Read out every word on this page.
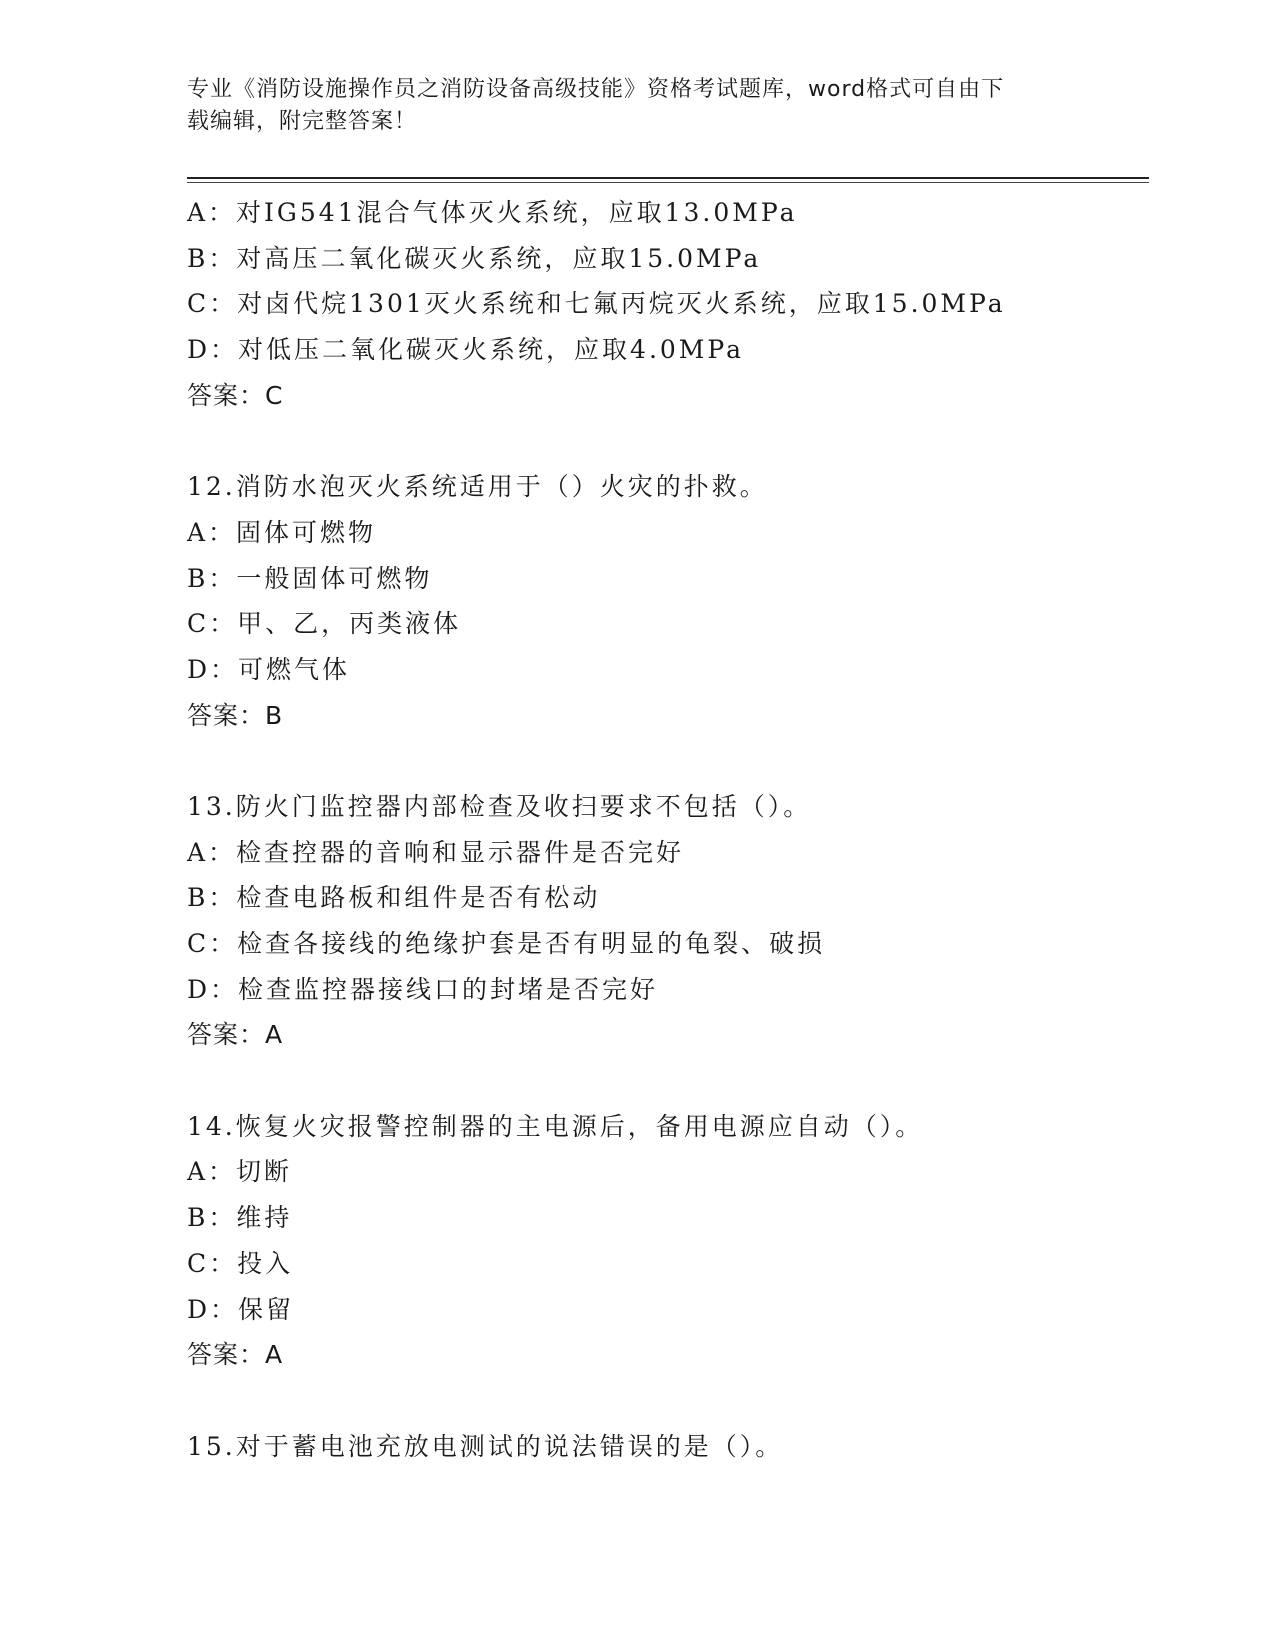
专业《消防设施操作员之消防设备高级技能》资格考试题库，word格式可自由下
载编辑，附完整答案！
A：对IG541混合气体灭火系统，应取13.0MPa
B：对高压二氧化碳灭火系统，应取15.0MPa
C：对卤代烷1301灭火系统和七氟丙烷灭火系统，应取15.0MPa
D：对低压二氧化碳灭火系统，应取4.0MPa
答案：C
12.消防水泡灭火系统适用于（）火灾的扑救。
A：固体可燃物
B：一般固体可燃物
C：甲、乙，丙类液体
D：可燃气体
答案：B
13.防火门监控器内部检查及收扫要求不包括（）。
A：检查控器的音响和显示器件是否完好
B：检查电路板和组件是否有松动
C：检查各接线的绝缘护套是否有明显的龟裂、破损
D：检查监控器接线口的封堵是否完好
答案：A
14.恢复火灾报警控制器的主电源后，备用电源应自动（）。
A：切断
B：维持
C：投入
D：保留
答案：A
15.对于蓄电池充放电测试的说法错误的是（）。
